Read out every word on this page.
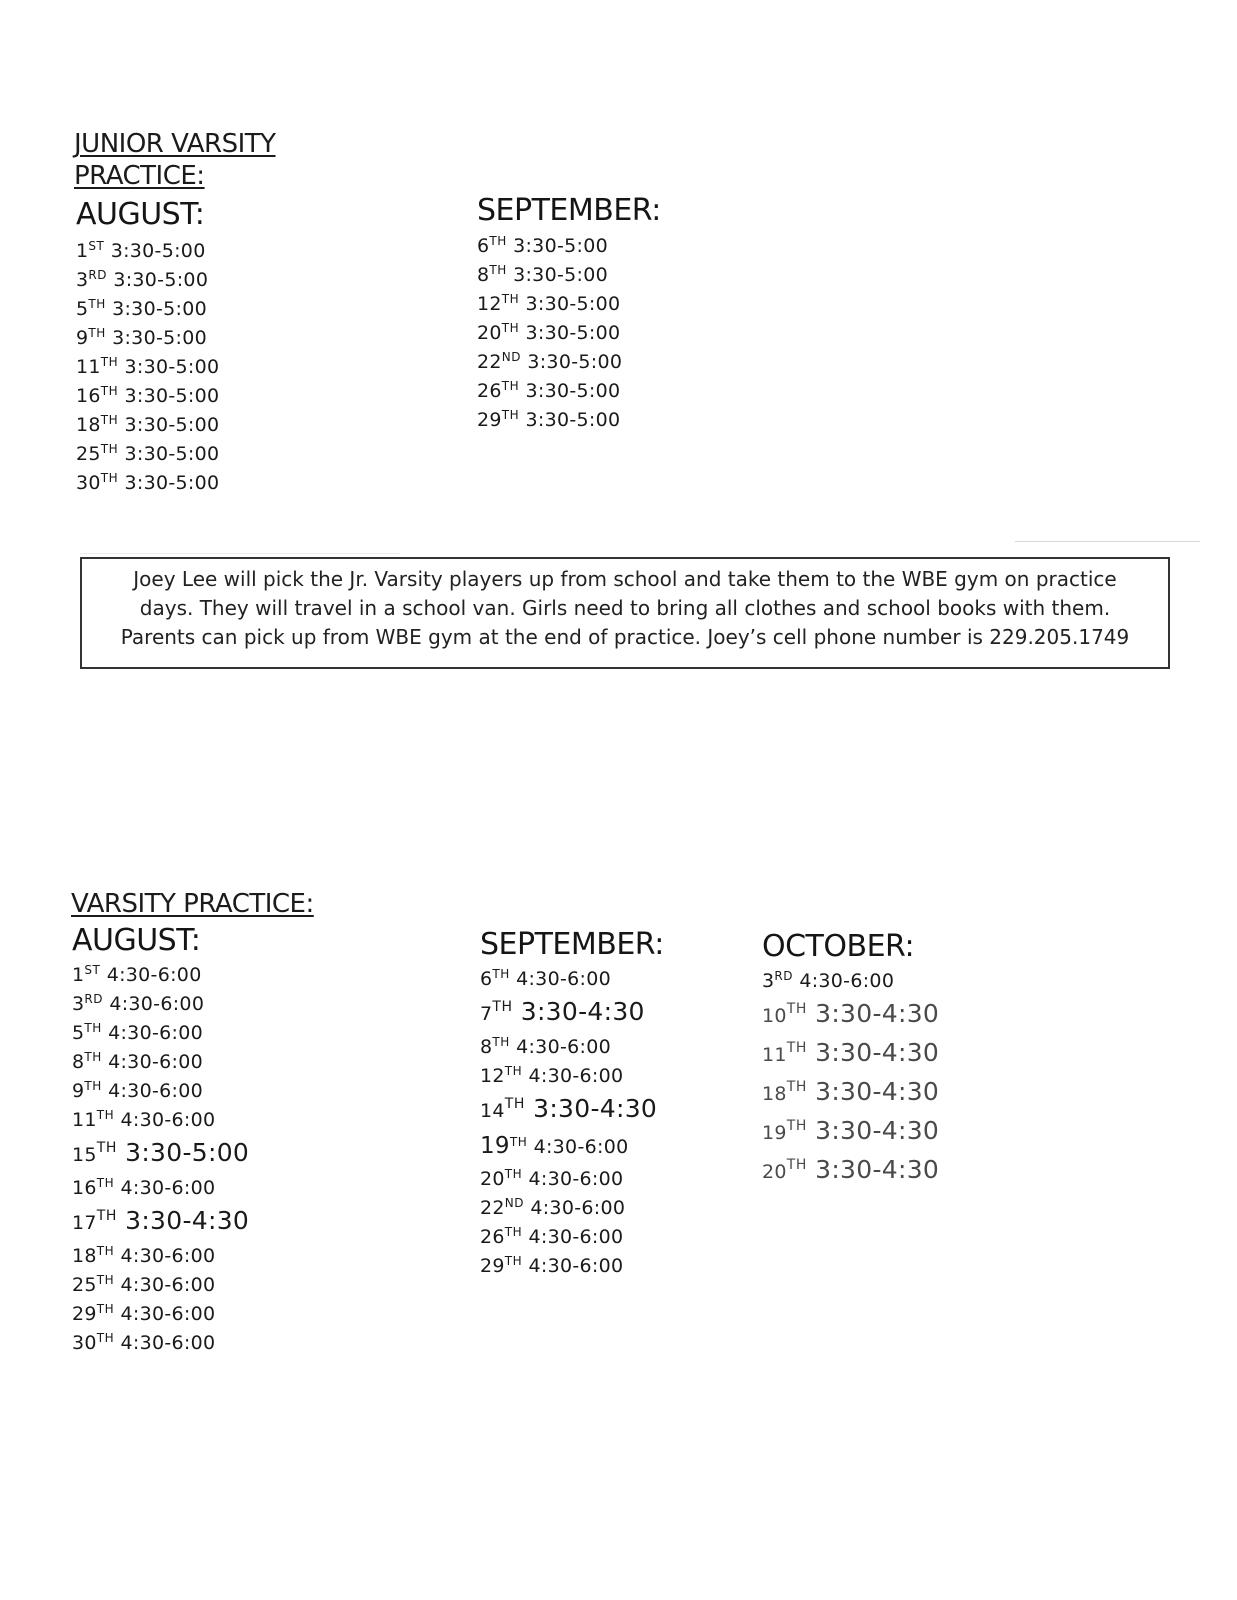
JUNIOR VARSITY
PRACTICE:
AUGUST:
1ST 3:30-5:00
3RD 3:30-5:00
5TH 3:30-5:00
9TH 3:30-5:00
11TH 3:30-5:00
16TH 3:30-5:00
18TH 3:30-5:00
25TH 3:30-5:00
30TH 3:30-5:00
SEPTEMBER:
6TH 3:30-5:00
8TH 3:30-5:00
12TH 3:30-5:00
20TH 3:30-5:00
22ND 3:30-5:00
26TH 3:30-5:00
29TH 3:30-5:00
Joey Lee will pick the Jr. Varsity players up from school and take them to the WBE gym on practice
days. They will travel in a school van. Girls need to bring all clothes and school books with them.
Parents can pick up from WBE gym at the end of practice. Joey’s cell phone number is 229.205.1749
VARSITY PRACTICE:
AUGUST:
1ST 4:30-6:00
3RD 4:30-6:00
5TH 4:30-6:00
8TH 4:30-6:00
9TH 4:30-6:00
11TH 4:30-6:00
15TH 3:30-5:00
16TH 4:30-6:00
17TH 3:30-4:30
18TH 4:30-6:00
25TH 4:30-6:00
29TH 4:30-6:00
30TH 4:30-6:00
SEPTEMBER:
6TH 4:30-6:00
7TH 3:30-4:30
8TH 4:30-6:00
12TH 4:30-6:00
14TH 3:30-4:30
19TH 4:30-6:00
20TH 4:30-6:00
22ND 4:30-6:00
26TH 4:30-6:00
29TH 4:30-6:00
OCTOBER:
3RD 4:30-6:00
10TH 3:30-4:30
11TH 3:30-4:30
18TH 3:30-4:30
19TH 3:30-4:30
20TH 3:30-4:30
